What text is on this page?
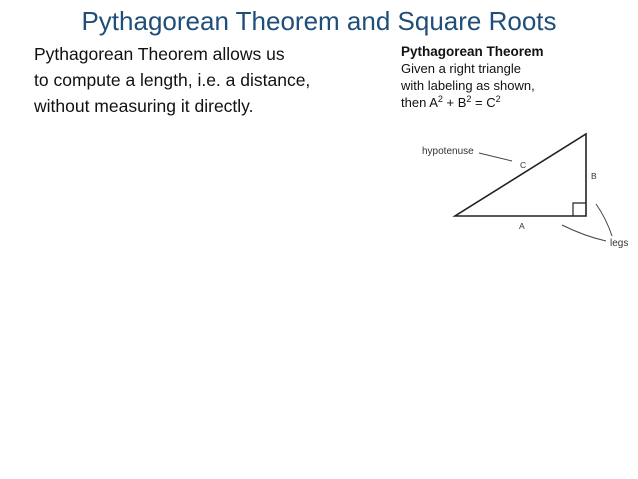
Pythagorean Theorem and Square Roots
Pythagorean Theorem allows us
to compute a length, i.e. a distance,
without measuring it directly.
Pythagorean Theorem
Given a right triangle
with labeling as shown,
then $A^2 + B^2 = C^2$
hypotenuse
C
B
A
legs
